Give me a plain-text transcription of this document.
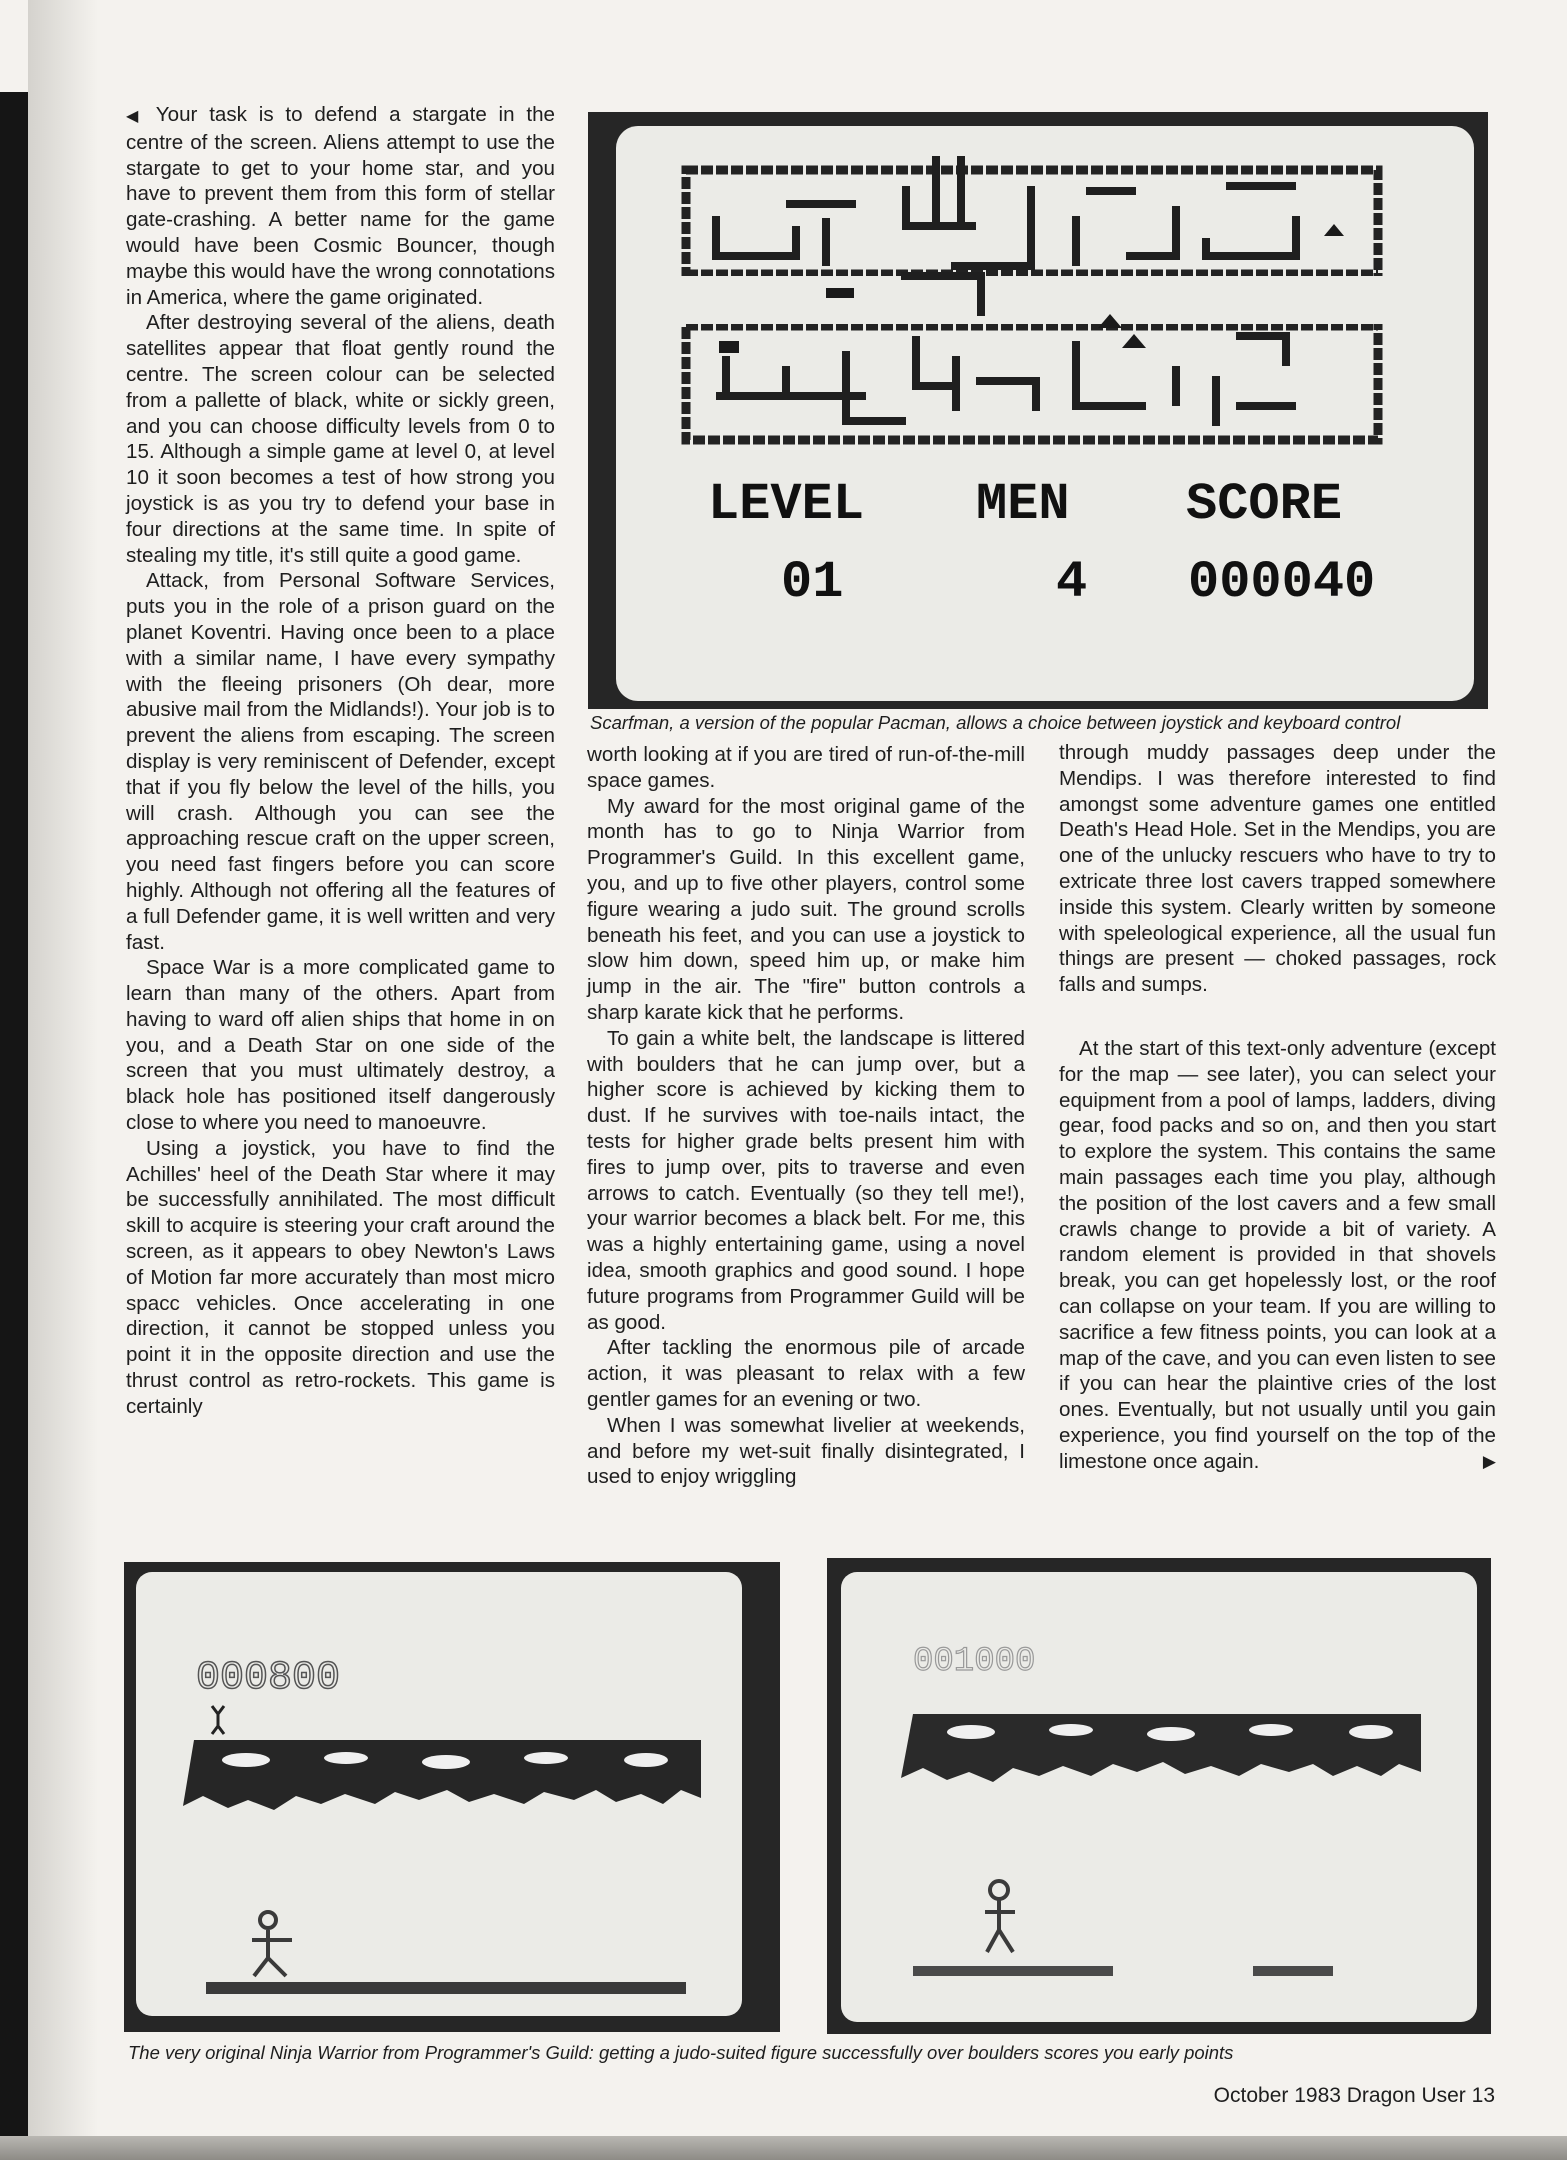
◀ Your task is to defend a stargate in the centre of the screen. Aliens attempt to use the stargate to get to your home star, and you have to prevent them from this form of stellar gate-crashing. A better name for the game would have been Cosmic Bouncer, though maybe this would have the wrong connotations in America, where the game originated.

After destroying several of the aliens, death satellites appear that float gently round the centre. The screen colour can be selected from a pallette of black, white or sickly green, and you can choose difficulty levels from 0 to 15. Although a simple game at level 0, at level 10 it soon becomes a test of how strong you joystick is as you try to defend your base in four directions at the same time. In spite of stealing my title, it's still quite a good game.

Attack, from Personal Software Services, puts you in the role of a prison guard on the planet Koventri. Having once been to a place with a similar name, I have every sympathy with the fleeing prisoners (Oh dear, more abusive mail from the Midlands!). Your job is to prevent the aliens from escaping. The screen display is very reminiscent of Defender, except that if you fly below the level of the hills, you will crash. Although you can see the approaching rescue craft on the upper screen, you need fast fingers before you can score highly. Although not offering all the features of a full Defender game, it is well written and very fast.

Space War is a more complicated game to learn than many of the others. Apart from having to ward off alien ships that home in on you, and a Death Star on one side of the screen that you must ultimately destroy, a black hole has positioned itself dangerously close to where you need to manoeuvre.

Using a joystick, you have to find the Achilles' heel of the Death Star where it may be successfully annihilated. The most difficult skill to acquire is steering your craft around the screen, as it appears to obey Newton's Laws of Motion far more accurately than most micro spacc vehicles. Once accelerating in one direction, it cannot be stopped unless you point it in the opposite direction and use the thrust control as retro-rockets. This game is certainly

LEVEL MEN SCORE
01	4 000040
Scarfman, a version of the popular Pacman, allows a choice between joystick and keyboard control

worth looking at if you are tired of run-of-the-mill space games.

My award for the most original game of the month has to go to Ninja Warrior from Programmer's Guild. In this excellent game, you, and up to five other players, control some figure wearing a judo suit. The ground scrolls beneath his feet, and you can use a joystick to slow him down, speed him up, or make him jump in the air. The "fire" button controls a sharp karate kick that he performs.

To gain a white belt, the landscape is littered with boulders that he can jump over, but a higher score is achieved by kicking them to dust. If he survives with toe-nails intact, the tests for higher grade belts present him with fires to jump over, pits to traverse and even arrows to catch. Eventually (so they tell me!), your warrior becomes a black belt. For me, this was a highly entertaining game, using a novel idea, smooth graphics and good sound. I hope future programs from Programmer Guild will be as good.

After tackling the enormous pile of arcade action, it was pleasant to relax with a few gentler games for an evening or two.

When I was somewhat livelier at weekends, and before my wet-suit finally disintegrated, I used to enjoy wriggling

through muddy passages deep under the Mendips. I was therefore interested to find amongst some adventure games one entitled Death's Head Hole. Set in the Mendips, you are one of the unlucky rescuers who have to try to extricate three lost cavers trapped somewhere inside this system. Clearly written by someone with speleological experience, all the usual fun things are present — choked passages, rock falls and sumps.

At the start of this text-only adventure (except for the map — see later), you can select your equipment from a pool of lamps, ladders, diving gear, food packs and so on, and then you start to explore the system. This contains the same main passages each time you play, although the position of the lost cavers and a few small crawls change to provide a bit of variety. A random element is provided in that shovels break, you can get hopelessly lost, or the roof can collapse on your team. If you are willing to sacrifice a few fitness points, you can look at a map of the cave, and you can even listen to see if you can hear the plaintive cries of the lost ones. Eventually, but not usually until you gain experience, you find yourself on the top of the limestone once again.	▶

000800	001000
The very original Ninja Warrior from Programmer's Guild: getting a judo-suited figure successfully over boulders scores you early points
October 1983 Dragon User 13
